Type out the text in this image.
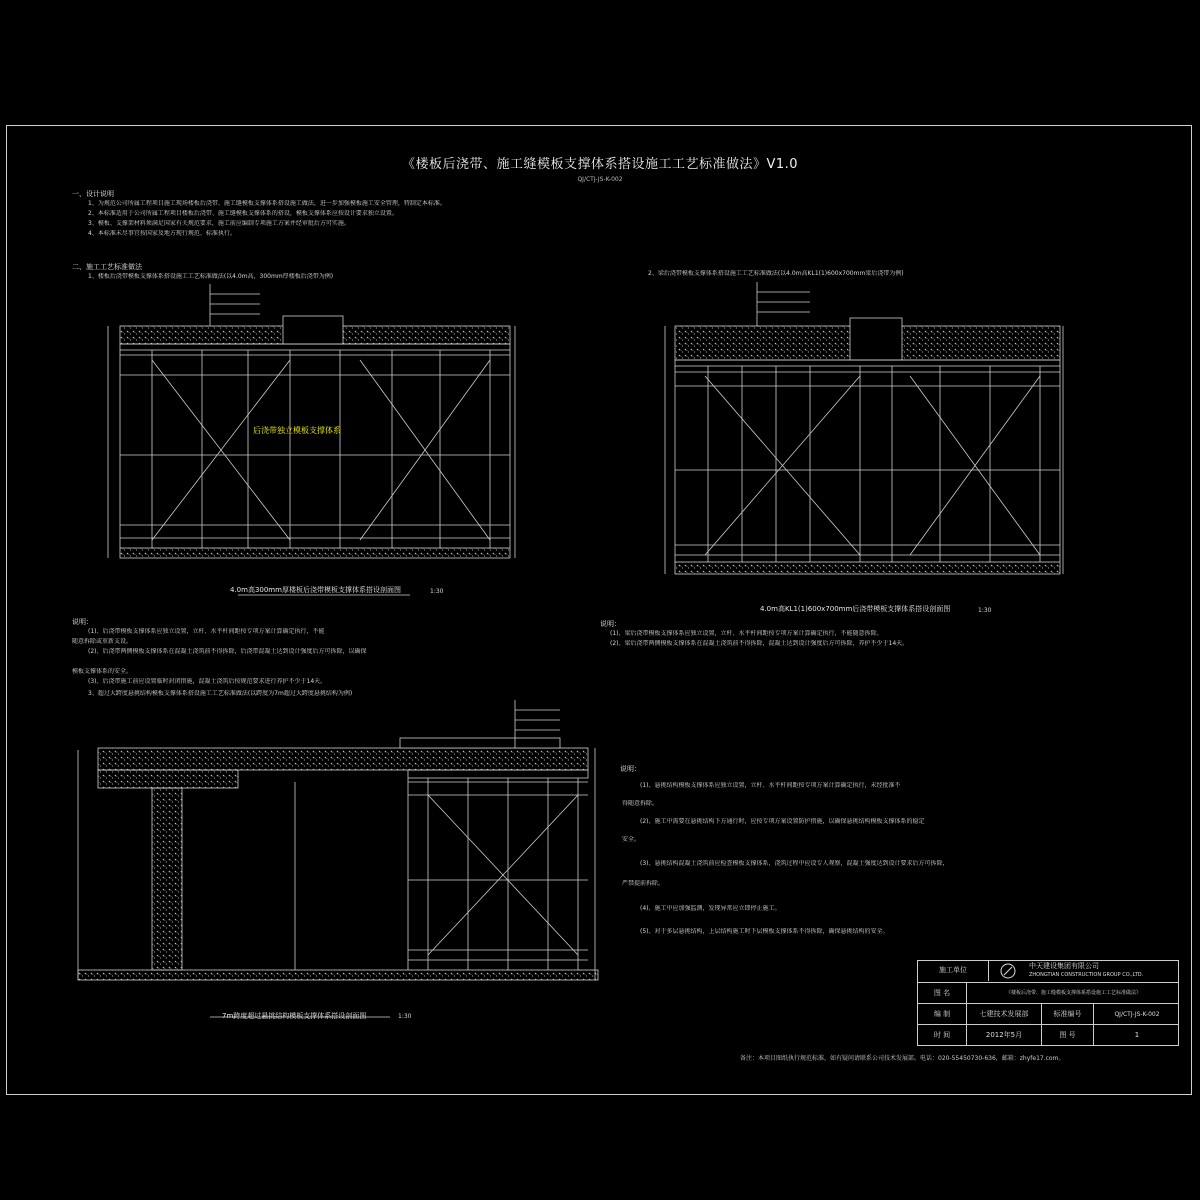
《楼板后浇带、施工缝模板支撑体系搭设施工工艺标准做法》V1.0
QJ/CTJ-JS-K-002
一、设计说明
1、为规范公司所属工程项目施工现场楼板后浇带、施工缝模板支撑体系搭设施工做法，进一步加强模板施工安全管理，特制定本标准。
2、本标准适用于公司所属工程项目楼板后浇带、施工缝模板支撑体系的搭设，模板支撑体系应按设计要求独立设置。
3、模板、支撑架材料须满足国家有关规范要求，施工前应编制专项施工方案并经审批后方可实施。
4、本标准未尽事宜按国家及地方现行规范、标准执行。
二、施工工艺标准做法
1、楼板后浇带模板支撑体系搭设施工工艺标准做法(以4.0m高，300mm厚楼板后浇带为例)	2、梁后浇带模板支撑体系搭设施工工艺标准做法(以4.0m高KL1(1)600x700mm梁后浇带为例)
后浇带独立模板支撑体系
4.0m高300mm厚楼板后浇带模板支撑体系搭设剖面图	1:30
4.0m高KL1(1)600x700mm后浇带模板支撑体系搭设剖面图	1:30
说明：
(1)、后浇带模板支撑体系应独立设置，立杆、水平杆间距按专项方案计算确定执行，不能
随意拆除或重新支设。
(2)、后浇带两侧模板支撑体系在混凝土浇筑前不得拆除，后浇带混凝土达到设计强度后方可拆除，以确保
模板支撑体系的安全。
(3)、后浇带施工前应设置临时封闭措施，混凝土浇筑后按规范要求进行养护不少于14天。
3、超过大跨度悬挑结构模板支撑体系搭设施工工艺标准做法(以跨度为7m超过大跨度悬挑结构为例)
说明：
(1)、梁后浇带模板支撑体系应独立设置，立杆、水平杆间距按专项方案计算确定执行，不能随意拆除。
(2)、梁后浇带两侧模板支撑体系在混凝土浇筑前不得拆除，混凝土达到设计强度后方可拆除，养护不少于14天。
7m跨度超过悬挑结构模板支撑体系搭设剖面图	1:30
说明：
(1)、悬挑结构模板支撑体系应独立设置，立杆、水平杆间距按专项方案计算确定执行，未经批准不
得随意拆除。
(2)、施工中需要在悬挑结构下方通行时，应按专项方案设置防护措施，以确保悬挑结构模板支撑体系的稳定
安全。
(3)、悬挑结构混凝土浇筑前应检查模板支撑体系，浇筑过程中应设专人观察，混凝土强度达到设计要求后方可拆除，
严禁提前拆除。
(4)、施工中应加强监测，发现异常应立即停止施工。
(5)、对于多层悬挑结构，上层结构施工时下层模板支撑体系不得拆除，确保悬挑结构的安全。
施工单位	中天建设集团有限公司
ZHONGTIAN CONSTRUCTION GROUP CO.,LTD.
图 名	《楼板后浇带、施工缝模板支撑体系搭设施工工艺标准做法》
编 制	七建技术发展部	标准编号	QJ/CTJ-JS-K-002
时 间	2012年5月	图 号	1
备注：本项目图纸执行规范标准，如有疑问请联系公司技术发展部。电话：020-55450730-636，邮箱：zhyfe17.com。
